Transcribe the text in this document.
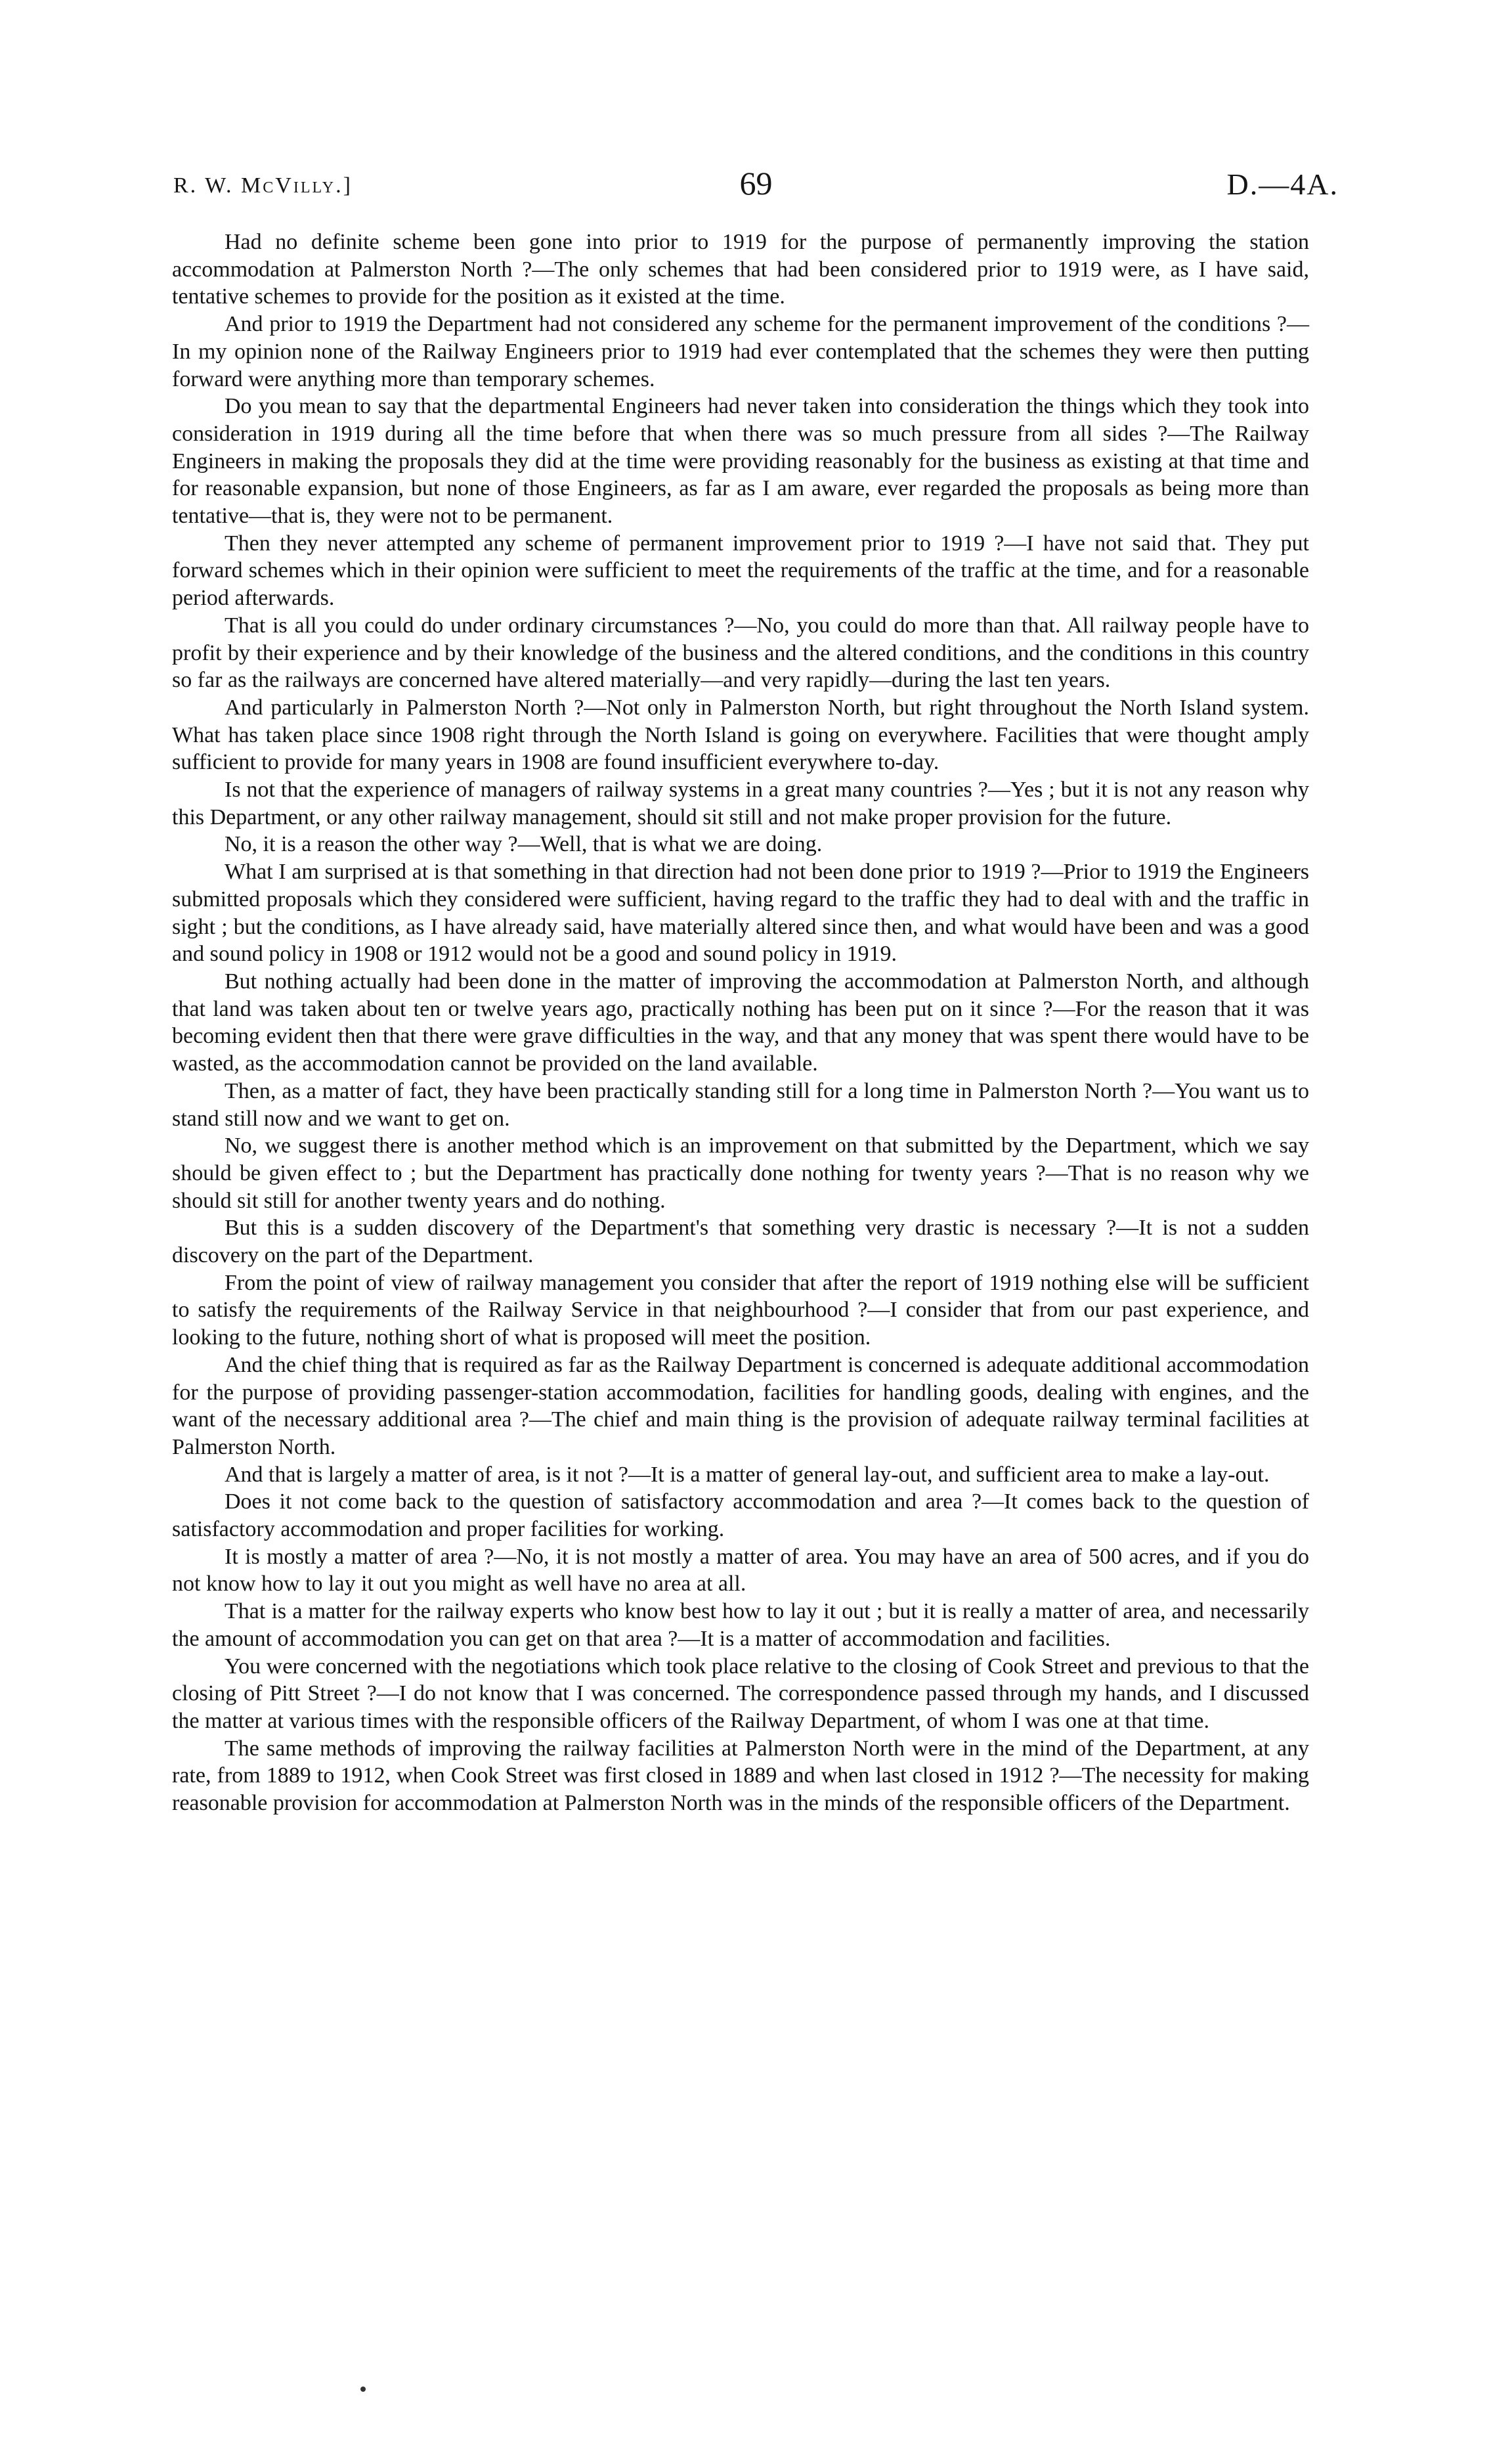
R. W. McVilly.]	69	D.—4A.

Had no definite scheme been gone into prior to 1919 for the purpose of permanently improving the station accommodation at Palmerston North ?—The only schemes that had been considered prior to 1919 were, as I have said, tentative schemes to provide for the position as it existed at the time.

And prior to 1919 the Department had not considered any scheme for the permanent improvement of the conditions ?—In my opinion none of the Railway Engineers prior to 1919 had ever contemplated that the schemes they were then putting forward were anything more than temporary schemes.

Do you mean to say that the departmental Engineers had never taken into consideration the things which they took into consideration in 1919 during all the time before that when there was so much pressure from all sides ?—The Railway Engineers in making the proposals they did at the time were providing reasonably for the business as existing at that time and for reasonable expansion, but none of those Engineers, as far as I am aware, ever regarded the proposals as being more than tentative—that is, they were not to be permanent.

Then they never attempted any scheme of permanent improvement prior to 1919 ?—I have not said that. They put forward schemes which in their opinion were sufficient to meet the requirements of the traffic at the time, and for a reasonable period afterwards.

That is all you could do under ordinary circumstances ?—No, you could do more than that. All railway people have to profit by their experience and by their knowledge of the business and the altered conditions, and the conditions in this country so far as the railways are concerned have altered materially—and very rapidly—during the last ten years.

And particularly in Palmerston North ?—Not only in Palmerston North, but right throughout the North Island system. What has taken place since 1908 right through the North Island is going on everywhere. Facilities that were thought amply sufficient to provide for many years in 1908 are found insufficient everywhere to-day.

Is not that the experience of managers of railway systems in a great many countries ?—Yes ; but it is not any reason why this Department, or any other railway management, should sit still and not make proper provision for the future.

No, it is a reason the other way ?—Well, that is what we are doing.

What I am surprised at is that something in that direction had not been done prior to 1919 ?—Prior to 1919 the Engineers submitted proposals which they considered were sufficient, having regard to the traffic they had to deal with and the traffic in sight ; but the conditions, as I have already said, have materially altered since then, and what would have been and was a good and sound policy in 1908 or 1912 would not be a good and sound policy in 1919.

But nothing actually had been done in the matter of improving the accommodation at Palmerston North, and although that land was taken about ten or twelve years ago, practically nothing has been put on it since ?—For the reason that it was becoming evident then that there were grave difficulties in the way, and that any money that was spent there would have to be wasted, as the accommodation cannot be provided on the land available.

Then, as a matter of fact, they have been practically standing still for a long time in Palmerston North ?—You want us to stand still now and we want to get on.

No, we suggest there is another method which is an improvement on that submitted by the Department, which we say should be given effect to ; but the Department has practically done nothing for twenty years ?—That is no reason why we should sit still for another twenty years and do nothing.

But this is a sudden discovery of the Department's that something very drastic is necessary ?—It is not a sudden discovery on the part of the Department.

From the point of view of railway management you consider that after the report of 1919 nothing else will be sufficient to satisfy the requirements of the Railway Service in that neighbourhood ?—I consider that from our past experience, and looking to the future, nothing short of what is proposed will meet the position.

And the chief thing that is required as far as the Railway Department is concerned is adequate additional accommodation for the purpose of providing passenger-station accommodation, facilities for handling goods, dealing with engines, and the want of the necessary additional area ?—The chief and main thing is the provision of adequate railway terminal facilities at Palmerston North.

And that is largely a matter of area, is it not ?—It is a matter of general lay-out, and sufficient area to make a lay-out.

Does it not come back to the question of satisfactory accommodation and area ?—It comes back to the question of satisfactory accommodation and proper facilities for working.

It is mostly a matter of area ?—No, it is not mostly a matter of area. You may have an area of 500 acres, and if you do not know how to lay it out you might as well have no area at all.

That is a matter for the railway experts who know best how to lay it out ; but it is really a matter of area, and necessarily the amount of accommodation you can get on that area ?—It is a matter of accommodation and facilities.

You were concerned with the negotiations which took place relative to the closing of Cook Street and previous to that the closing of Pitt Street ?—I do not know that I was concerned. The correspondence passed through my hands, and I discussed the matter at various times with the responsible officers of the Railway Department, of whom I was one at that time.

The same methods of improving the railway facilities at Palmerston North were in the mind of the Department, at any rate, from 1889 to 1912, when Cook Street was first closed in 1889 and when last closed in 1912 ?—The necessity for making reasonable provision for accommodation at Palmerston North was in the minds of the responsible officers of the Department.
